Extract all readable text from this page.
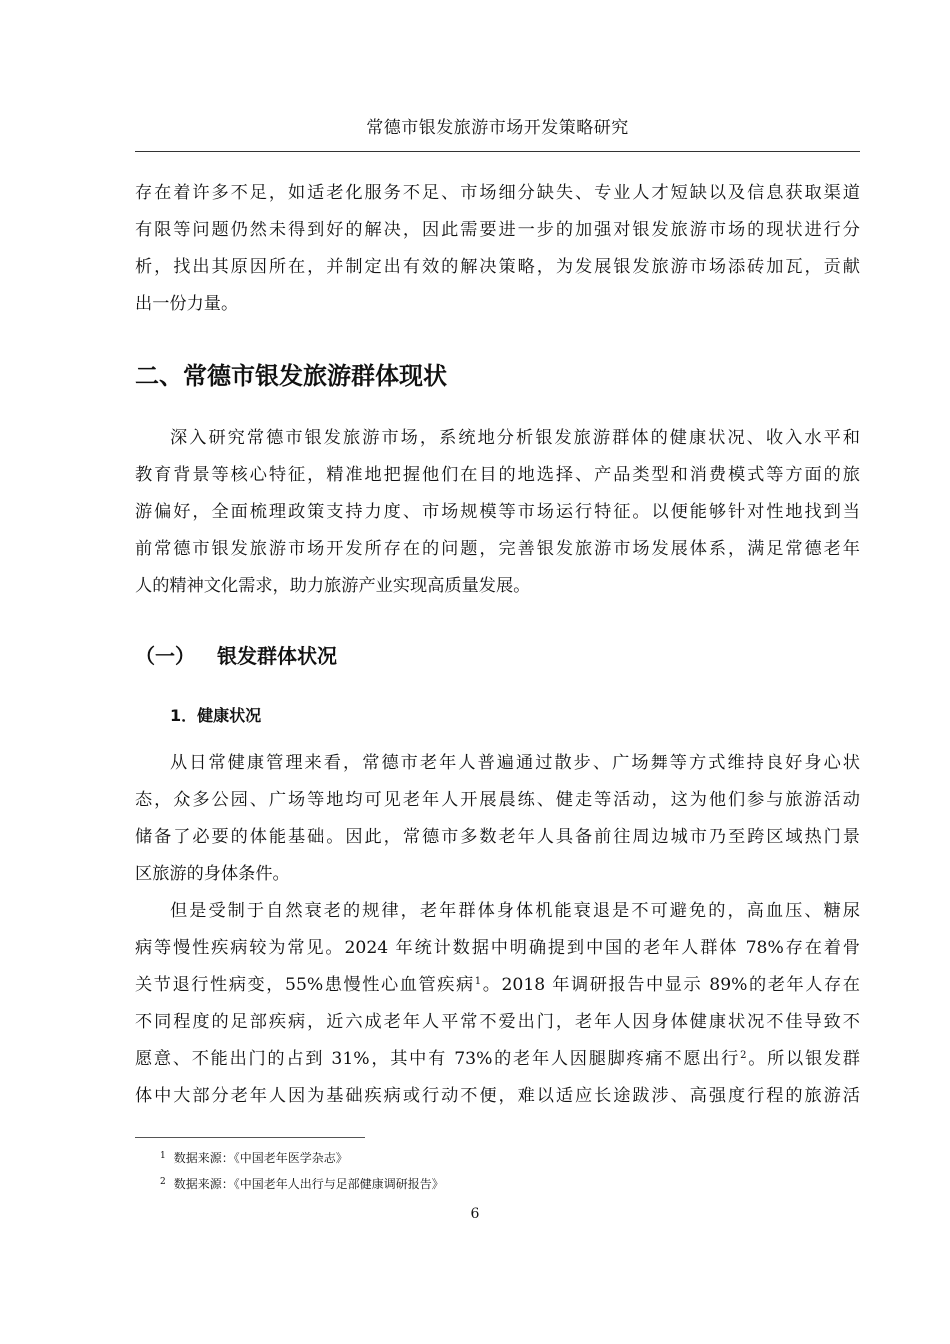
常德市银发旅游市场开发策略研究
存在着许多不足，如适老化服务不足、市场细分缺失、专业人才短缺以及信息获取渠道
有限等问题仍然未得到好的解决，因此需要进一步的加强对银发旅游市场的现状进行分
析，找出其原因所在，并制定出有效的解决策略，为发展银发旅游市场添砖加瓦，贡献
出一份力量。
二、常德市银发旅游群体现状
深入研究常德市银发旅游市场，系统地分析银发旅游群体的健康状况、收入水平和
教育背景等核心特征，精准地把握他们在目的地选择、产品类型和消费模式等方面的旅
游偏好，全面梳理政策支持力度、市场规模等市场运行特征。以便能够针对性地找到当
前常德市银发旅游市场开发所存在的问题，完善银发旅游市场发展体系，满足常德老年
人的精神文化需求，助力旅游产业实现高质量发展。
（一） 银发群体状况
1．健康状况
从日常健康管理来看，常德市老年人普遍通过散步、广场舞等方式维持良好身心状
态，众多公园、广场等地均可见老年人开展晨练、健走等活动，这为他们参与旅游活动
储备了必要的体能基础。因此，常德市多数老年人具备前往周边城市乃至跨区域热门景
区旅游的身体条件。
但是受制于自然衰老的规律，老年群体身体机能衰退是不可避免的，高血压、糖尿
病等慢性疾病较为常见。2024 年统计数据中明确提到中国的老年人群体 78%存在着骨
关节退行性病变，55%患慢性心血管疾病$^1$。2018 年调研报告中显示 89%的老年人存在
不同程度的足部疾病，近六成老年人平常不爱出门，老年人因身体健康状况不佳导致不
愿意、不能出门的占到 31%，其中有 73%的老年人因腿脚疼痛不愿出行$^2$。所以银发群
体中大部分老年人因为基础疾病或行动不便，难以适应长途跋涉、高强度行程的旅游活
$^1$ 数据来源：《中国老年医学杂志》
$^2$ 数据来源：《中国老年人出行与足部健康调研报告》
6
